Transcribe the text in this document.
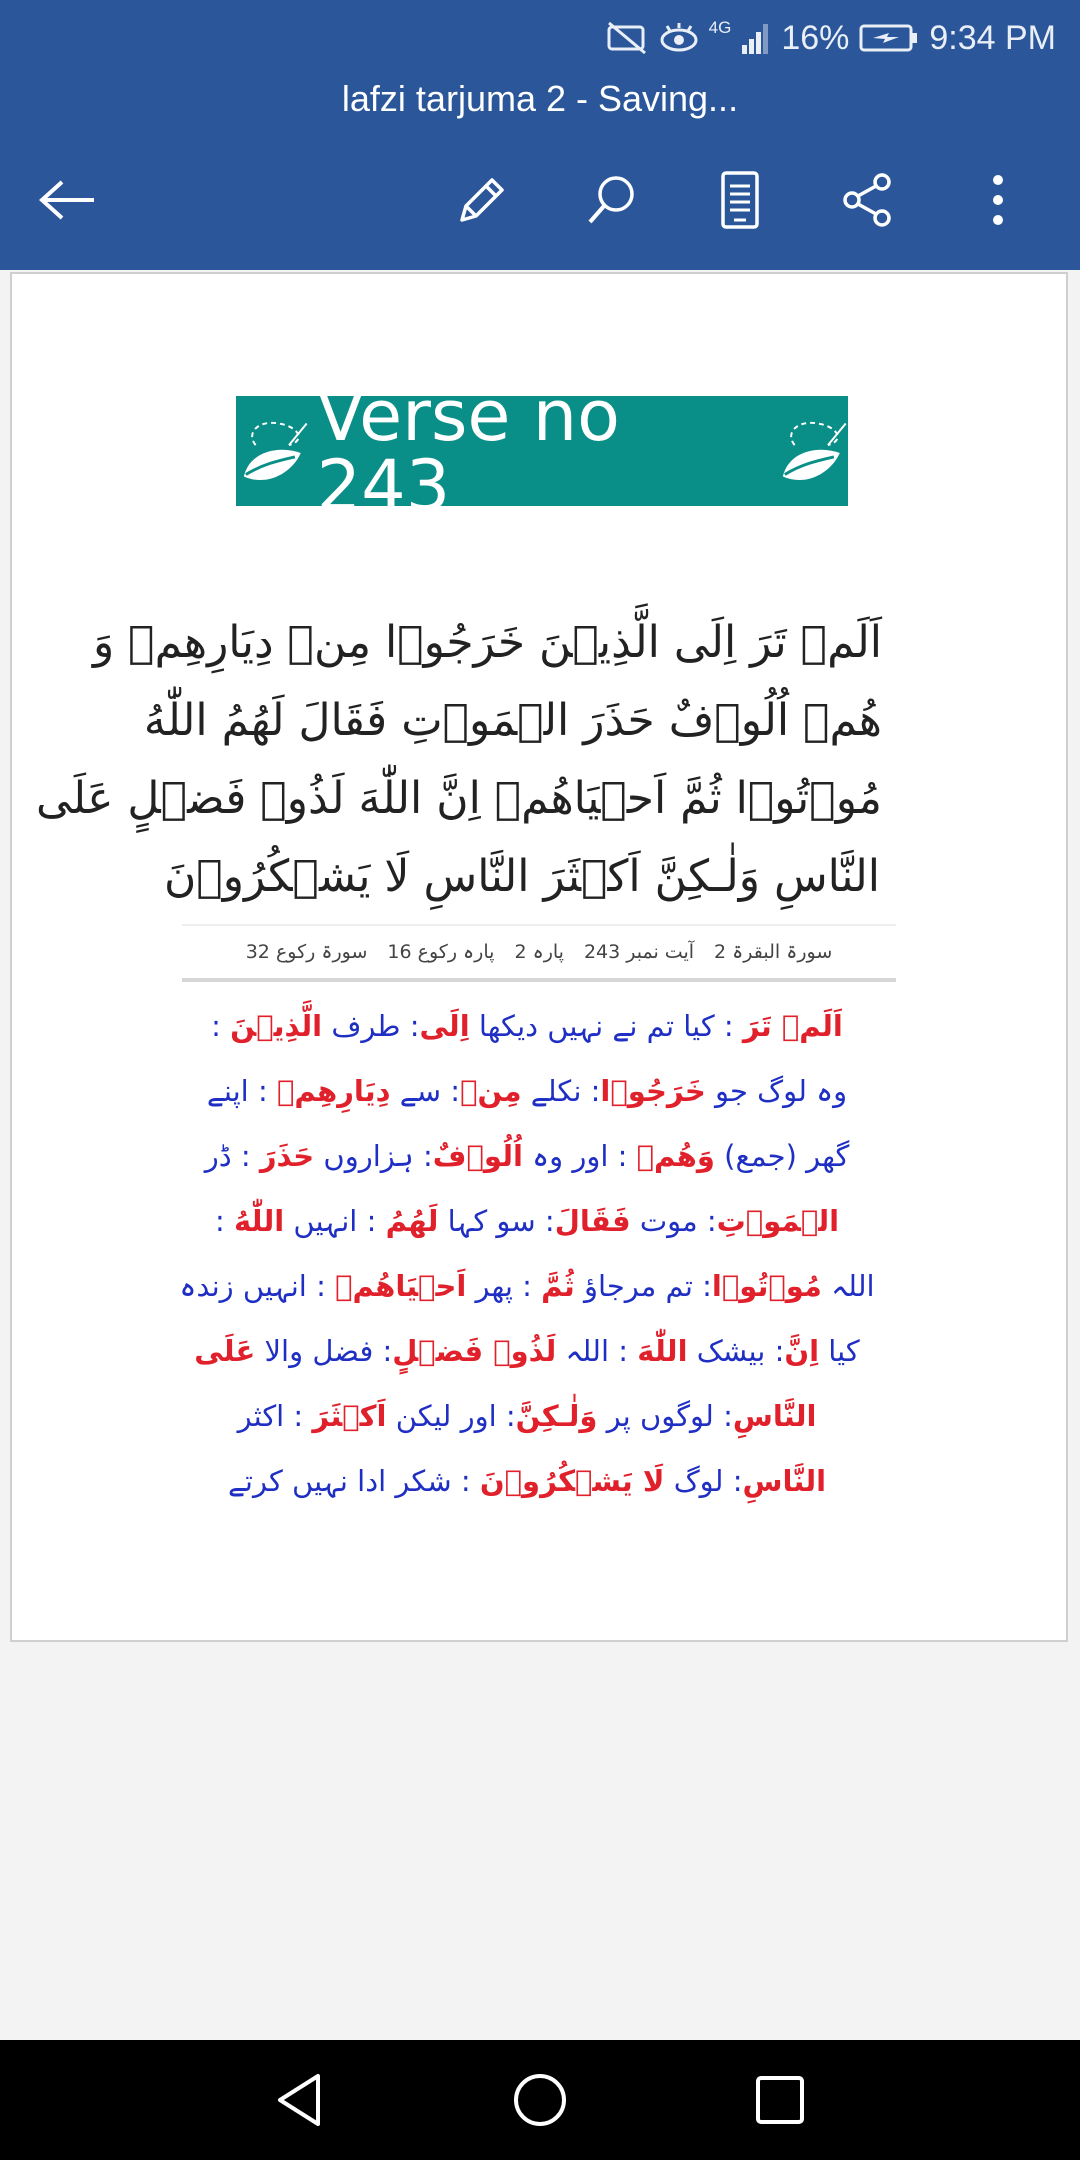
4G 16% 9:34 PM
lafzi tarjuma 2 - Saving...
Verse no 243
اَلَمۡ تَرَ اِلَى الَّذِیۡنَ خَرَجُوۡا مِنۡ دِیَارِهِمۡ وَ
هُمۡ اُلُوۡفٌ حَذَرَ الۡمَوۡتِ فَقَالَ لَهُمُ اللّٰهُ
مُوۡتُوۡا ثُمَّ اَحۡیَاهُمۡ اِنَّ اللّٰهَ لَذُوۡ فَضۡلٍ عَلَى
النَّاسِ وَلٰـكِنَّ اَكۡثَرَ النَّاسِ لَا یَشۡكُرُوۡنَ
سورۃ البقرۃ 2
آیت نمبر 243
پارہ 2
پارہ رکوع 16
سورۃ رکوع 32
اَلَمۡ تَرَ : کیا تم نے نہیں دیکھا اِلَى: طرف الَّذِیۡنَ :
وہ لوگ جو خَرَجُوۡا: نکلے مِنۡ: سے دِیَارِهِمۡ : اپنے
گھر (جمع) وَهُمۡ : اور وہ اُلُوۡفٌ: ہزاروں حَذَرَ : ڈر
الۡمَوۡتِ: موت فَقَالَ: سو کہا لَهُمُ : انہیں اللّٰهُ :
اللہ مُوۡتُوۡا: تم مرجاؤ ثُمَّ : پھر اَحۡیَاهُمۡ : انہیں زندہ
کیا اِنَّ: بیشک اللّٰهَ : اللہ لَذُوۡ فَضۡلٍ: فضل والا عَلَى
النَّاسِ: لوگوں پر وَلٰـكِنَّ: اور لیکن اَكۡثَرَ : اکثر
النَّاسِ: لوگ لَا یَشۡكُرُوۡنَ : شکر ادا نہیں کرتے
